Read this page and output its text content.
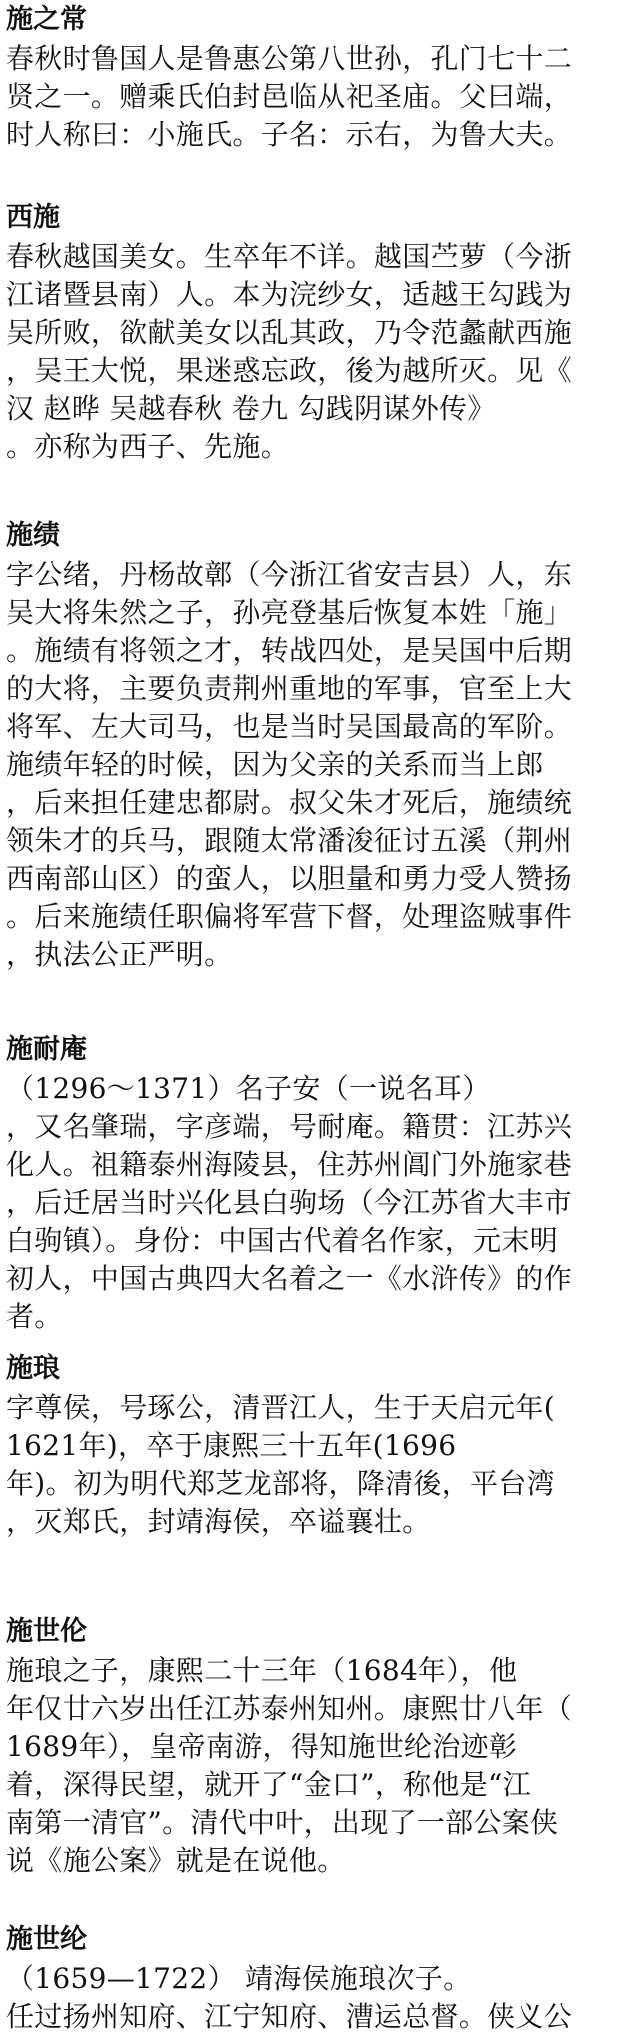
施之常
春秋时鲁国人是鲁惠公第八世孙，孔门七十二
贤之一。赠乘氏伯封邑临从祀圣庙。父曰端，
时人称曰：小施氏。子名：示右，为鲁大夫。
西施
春秋越国美女。生卒年不详。越国苎萝（今浙
江诸暨县南）人。本为浣纱女，适越王勾践为
吴所败，欲献美女以乱其政，乃令范蠡献西施
，吴王大悦，果迷惑忘政，後为越所灭。见《
汉 赵晔 吴越春秋 卷九 勾践阴谋外传》
。亦称为西子、先施。
施绩
字公绪，丹杨故鄣（今浙江省安吉县）人，东
吴大将朱然之子，孙亮登基后恢复本姓「施」
。施绩有将领之才，转战四处，是吴国中后期
的大将，主要负责荆州重地的军事，官至上大
将军、左大司马，也是当时吴国最高的军阶。
施绩年轻的时候，因为父亲的关系而当上郎
，后来担任建忠都尉。叔父朱才死后，施绩统
领朱才的兵马，跟随太常潘浚征讨五溪（荆州
西南部山区）的蛮人，以胆量和勇力受人赞扬
。后来施绩任职偏将军营下督，处理盗贼事件
，执法公正严明。
施耐庵
（1296～1371）名子安（一说名耳）
，又名肇瑞，字彦端，号耐庵。籍贯：江苏兴
化人。祖籍泰州海陵县，住苏州阊门外施家巷
，后迁居当时兴化县白驹场（今江苏省大丰市
白驹镇）。身份：中国古代着名作家，元末明
初人，中国古典四大名着之一《水浒传》的作
者。
施琅
字尊侯，号琢公，清晋江人，生于天启元年(
1621年)，卒于康熙三十五年(1696
年)。初为明代郑芝龙部将，降清後，平台湾
，灭郑氏，封靖海侯，卒谥襄壮。
施世伦
施琅之子，康熙二十三年（1684年），他
年仅廿六岁出任江苏泰州知州。康熙廿八年（
1689年），皇帝南游，得知施世纶治迹彰
着，深得民望，就开了“金口”，称他是“江
南第一清官”。清代中叶，出现了一部公案侠
说《施公案》就是在说他。
施世纶
（1659—1722） 靖海侯施琅次子。
任过扬州知府、江宁知府、漕运总督。侠义公
